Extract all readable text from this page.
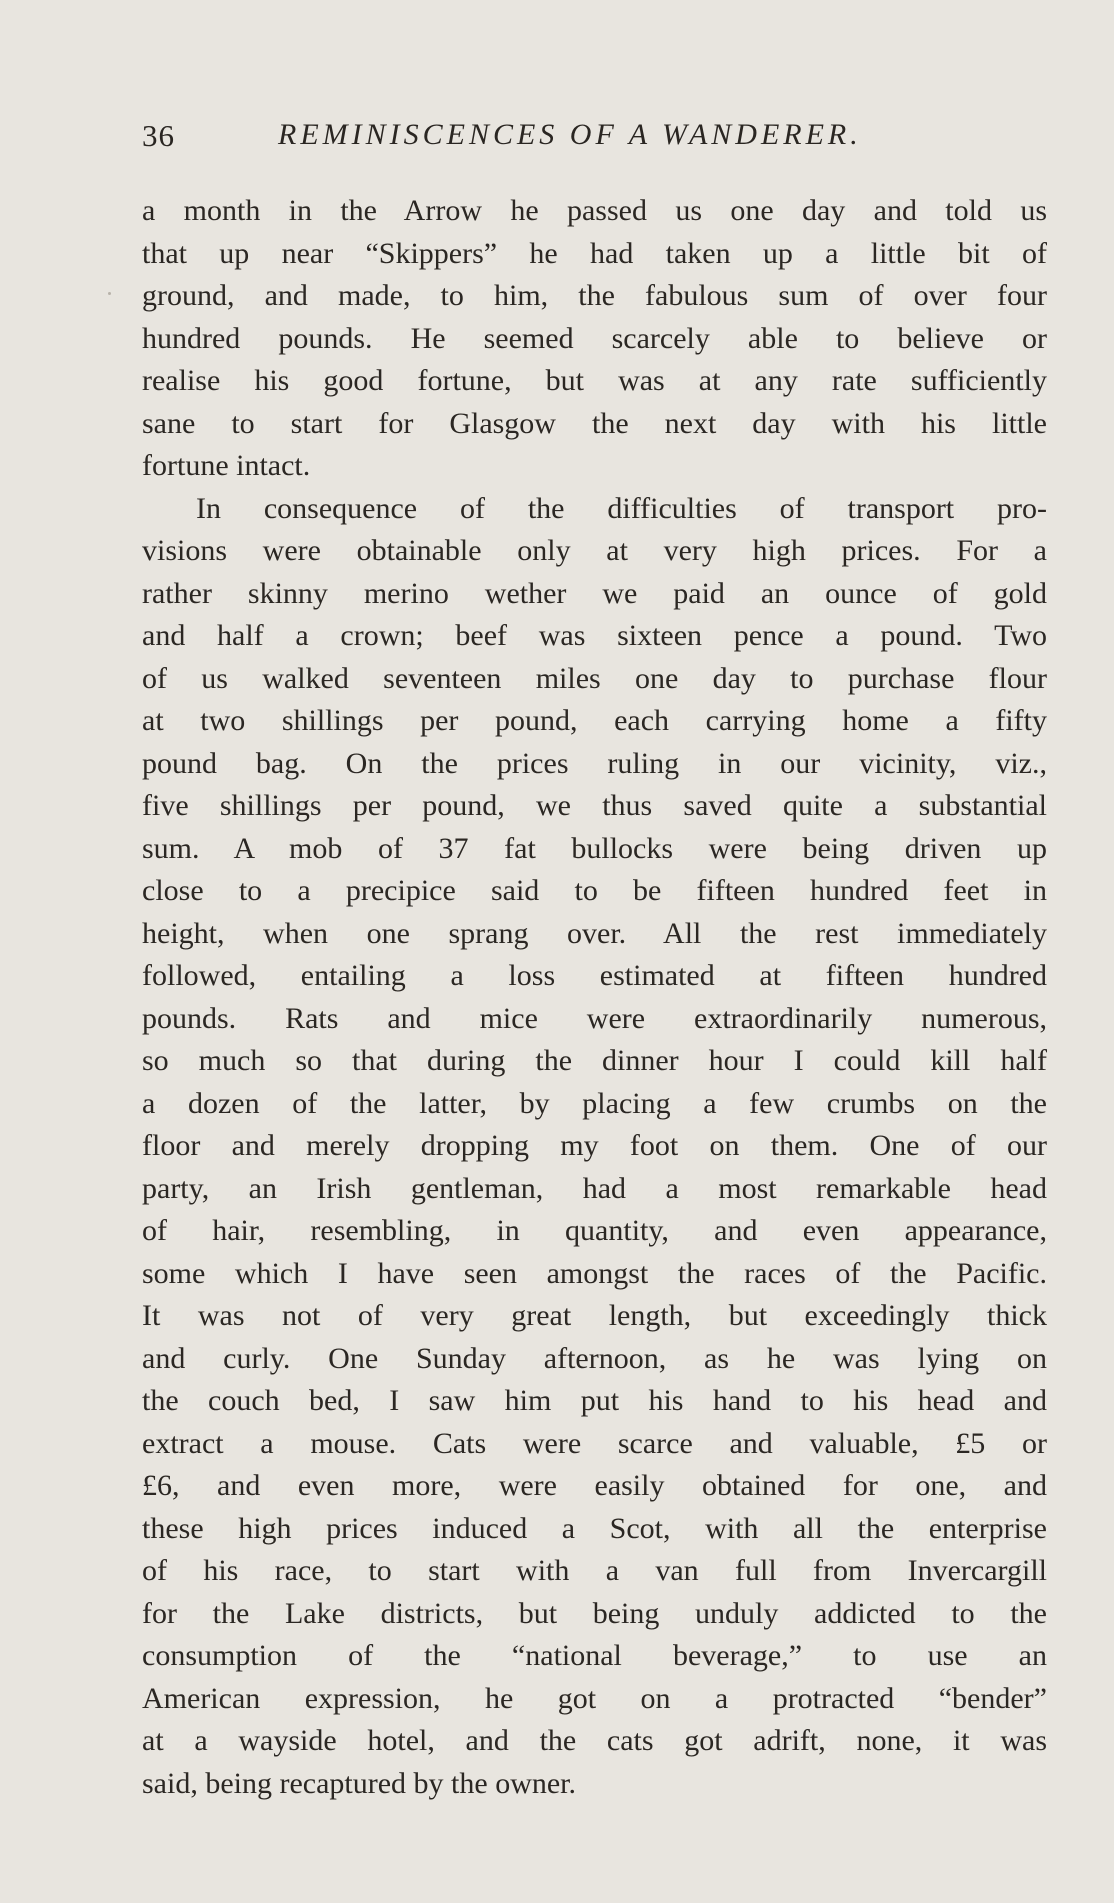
36	REMINISCENCES OF A WANDERER.
a month in the Arrow he passed us one day and told us
that up near “Skippers” he had taken up a little bit of
ground, and made, to him, the fabulous sum of over four
hundred pounds. He seemed scarcely able to believe or
realise his good fortune, but was at any rate sufficiently
sane to start for Glasgow the next day with his little
fortune intact.
In consequence of the difficulties of transport pro-
visions were obtainable only at very high prices. For a
rather skinny merino wether we paid an ounce of gold
and half a crown; beef was sixteen pence a pound. Two
of us walked seventeen miles one day to purchase flour
at two shillings per pound, each carrying home a fifty
pound bag. On the prices ruling in our vicinity, viz.,
five shillings per pound, we thus saved quite a substantial
sum. A mob of 37 fat bullocks were being driven up
close to a precipice said to be fifteen hundred feet in
height, when one sprang over. All the rest immediately
followed, entailing a loss estimated at fifteen hundred
pounds. Rats and mice were extraordinarily numerous,
so much so that during the dinner hour I could kill half
a dozen of the latter, by placing a few crumbs on the
floor and merely dropping my foot on them. One of our
party, an Irish gentleman, had a most remarkable head
of hair, resembling, in quantity, and even appearance,
some which I have seen amongst the races of the Pacific.
It was not of very great length, but exceedingly thick
and curly. One Sunday afternoon, as he was lying on
the couch bed, I saw him put his hand to his head and
extract a mouse. Cats were scarce and valuable, £5 or
£6, and even more, were easily obtained for one, and
these high prices induced a Scot, with all the enterprise
of his race, to start with a van full from Invercargill
for the Lake districts, but being unduly addicted to the
consumption of the “national beverage,” to use an
American expression, he got on a protracted “bender”
at a wayside hotel, and the cats got adrift, none, it was
said, being recaptured by the owner.
